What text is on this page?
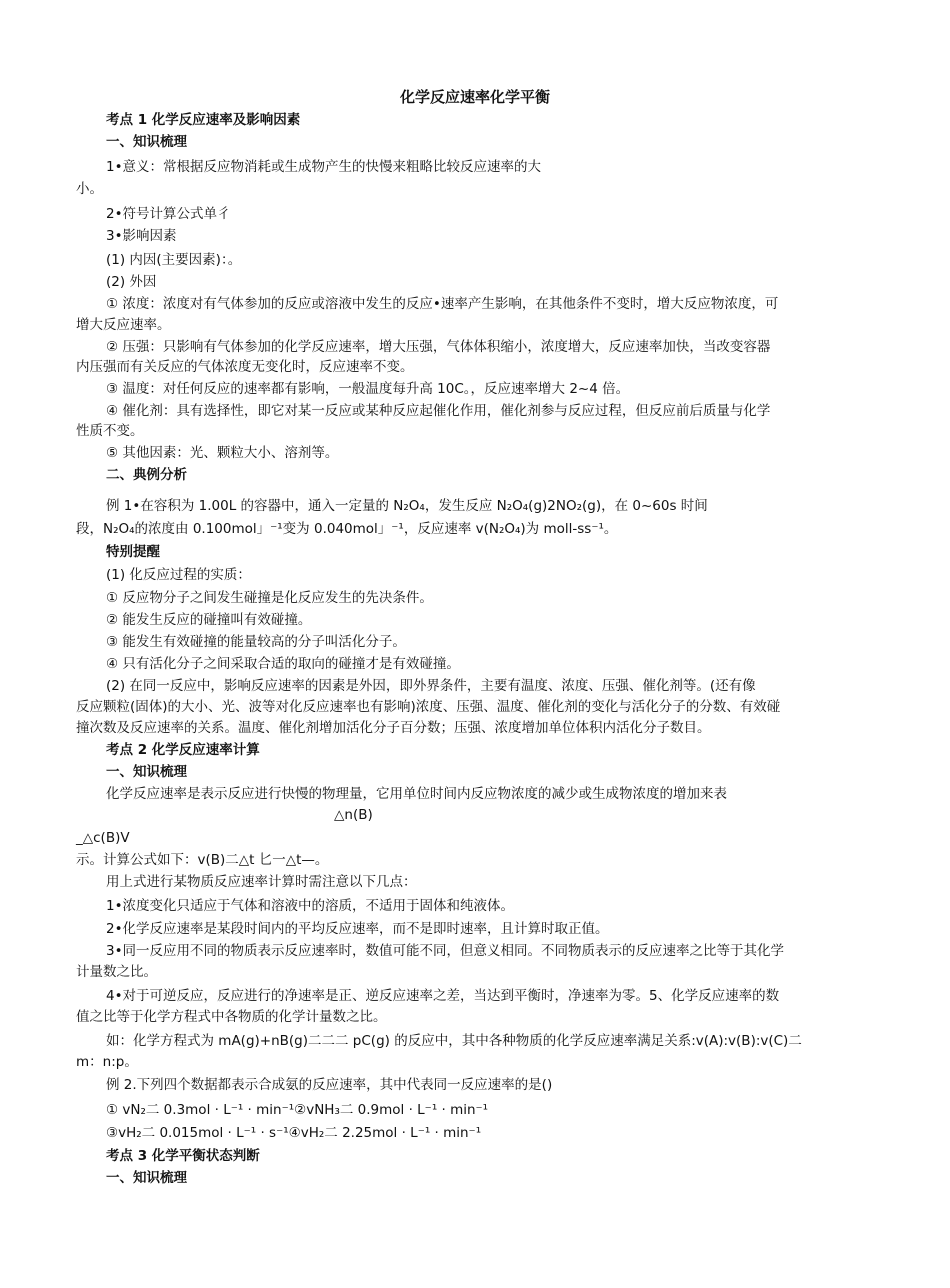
化学反应速率化学平衡
考点 1 化学反应速率及影响因素
一、知识梳理
1•意义：常根据反应物消耗或生成物产生的快慢来粗略比较反应速率的大
小。
2•符号计算公式单彳
3•影响因素
(1) 内因(主要因素)：。
(2) 外因
① 浓度：浓度对有气体参加的反应或溶液中发生的反应•速率产生影响，在其他条件不变时，增大反应物浓度，可
增大反应速率。
② 压强：只影响有气体参加的化学反应速率，增大压强，气体体积缩小，浓度增大，反应速率加快，当改变容器
内压强而有关反应的气体浓度无变化时，反应速率不变。
③ 温度：对任何反应的速率都有影响，一般温度每升高 10C。，反应速率增大 2~4 倍。
④ 催化剂：具有选择性，即它对某一反应或某种反应起催化作用，催化剂参与反应过程，但反应前后质量与化学
性质不变。
⑤ 其他因素：光、颗粒大小、溶剂等。
二、典例分析
例 1•在容积为 1.00L 的容器中，通入一定量的 N₂O₄，发生反应 N₂O₄(g)2NO₂(g)，在 0~60s 时间
段，N₂O₄的浓度由 0.100mol」⁻¹变为 0.040mol」⁻¹，反应速率 v(N₂O₄)为 moll-ss⁻¹。
特别提醒
(1) 化反应过程的实质：
① 反应物分子之间发生碰撞是化反应发生的先决条件。
② 能发生反应的碰撞叫有效碰撞。
③ 能发生有效碰撞的能量较高的分子叫活化分子。
④ 只有活化分子之间采取合适的取向的碰撞才是有效碰撞。
(2) 在同一反应中，影响反应速率的因素是外因，即外界条件，主要有温度、浓度、压强、催化剂等。(还有像
反应颗粒(固体)的大小、光、波等对化反应速率也有影响)浓度、压强、温度、催化剂的变化与活化分子的分数、有效碰
撞次数及反应速率的关系。温度、催化剂增加活化分子百分数；压强、浓度增加单位体积内活化分子数目。
考点 2 化学反应速率计算
一、知识梳理
化学反应速率是表示反应进行快慢的物理量，它用单位时间内反应物浓度的减少或生成物浓度的增加来表
△n(B)
_△c(B)V
示。计算公式如下：v(B)二△t 匕一△t—。
用上式进行某物质反应速率计算时需注意以下几点：
1•浓度变化只适应于气体和溶液中的溶质，不适用于固体和纯液体。
2•化学反应速率是某段时间内的平均反应速率，而不是即时速率，且计算时取正值。
3•同一反应用不同的物质表示反应速率时，数值可能不同，但意义相同。不同物质表示的反应速率之比等于其化学
计量数之比。
4•对于可逆反应，反应进行的净速率是正、逆反应速率之差，当达到平衡时，净速率为零。5、化学反应速率的数
值之比等于化学方程式中各物质的化学计量数之比。
如：化学方程式为 mA(g)+nB(g)二二二 pC(g) 的反应中，其中各种物质的化学反应速率满足关系:v(A):v(B):v(C)二
m：n:p。
例 2.下列四个数据都表示合成氨的反应速率，其中代表同一反应速率的是()
① vN₂二 0.3mol · L⁻¹ · min⁻¹②vNH₃二 0.9mol · L⁻¹ · min⁻¹
③vH₂二 0.015mol · L⁻¹ · s⁻¹④vH₂二 2.25mol · L⁻¹ · min⁻¹
考点 3 化学平衡状态判断
一、知识梳理
